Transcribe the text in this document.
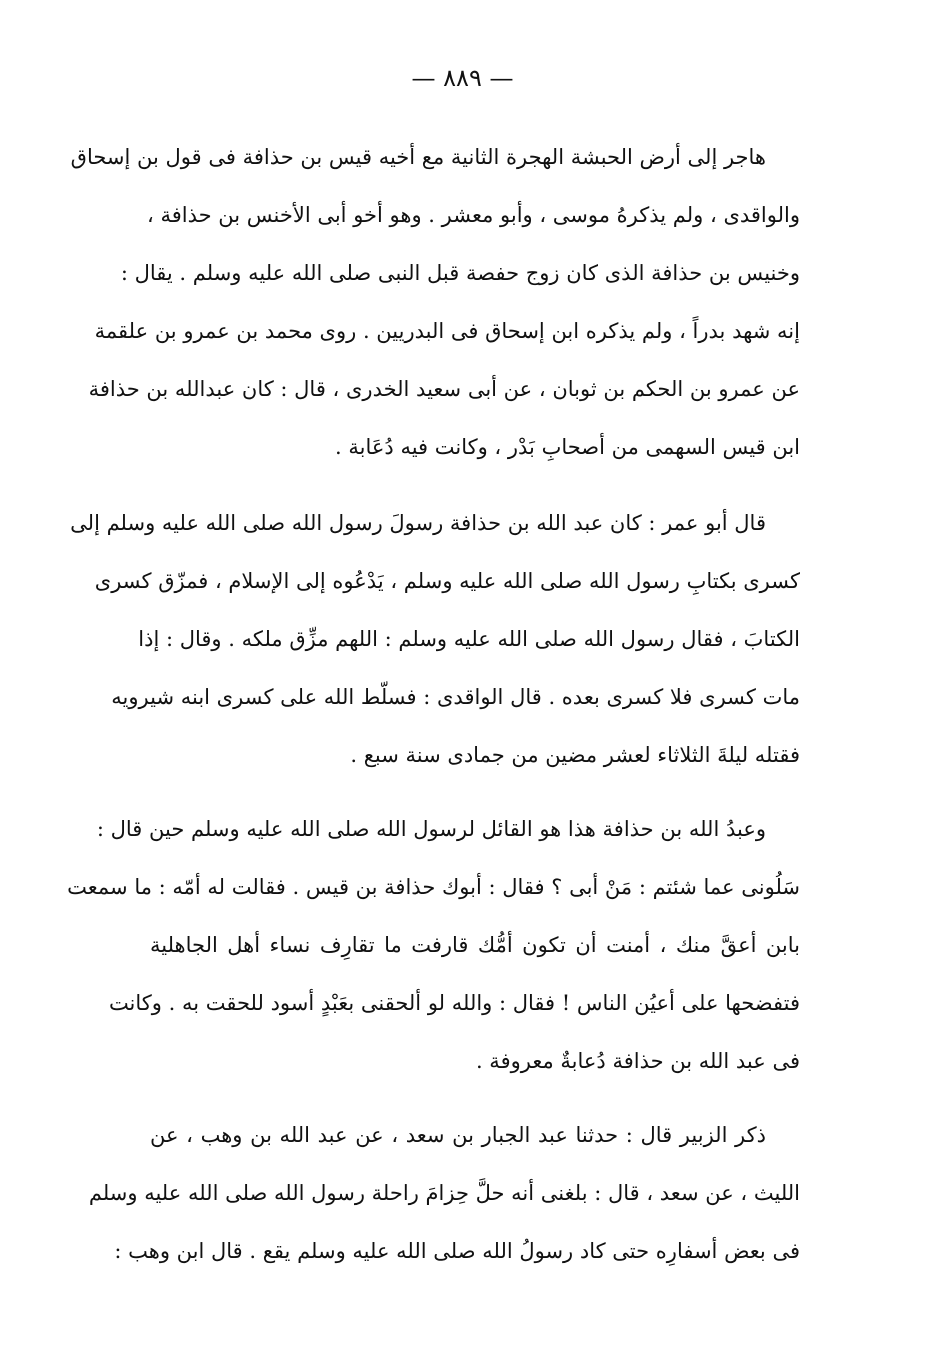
— ٨٨٩ —
هاجر إلى أرض الحبشة الهجرة الثانية مع أخيه قيس بن حذافة فى قول بن إسحاق
والواقدى ، ولم يذكرهُ موسى ، وأبو معشر . وهو أخو أبى الأخنس بن حذافة ،
وخنيس بن حذافة الذى كان زوج حفصة قبل النبى صلى الله عليه وسلم . يقال :
إنه شهد بدراً ، ولم يذكره ابن إسحاق فى البدريين . روى محمد بن عمرو بن علقمة
عن عمرو بن الحكم بن ثوبان ، عن أبى سعيد الخدرى ، قال : كان عبدالله بن حذافة
ابن قيس السهمى من أصحابِ بَدْر ، وكانت فيه دُعَابة .
قال أبو عمر : كان عبد الله بن حذافة رسولَ رسول الله صلى الله عليه وسلم إلى
كسرى بكتابِ رسول الله صلى الله عليه وسلم ، يَدْعُوه إلى الإسلام ، فمزّق كسرى
الكتابَ ، فقال رسول الله صلى الله عليه وسلم : اللهم مزِّق ملكه . وقال : إذا
مات كسرى فلا كسرى بعده . قال الواقدى : فسلّط الله على كسرى ابنه شيرويه
فقتله ليلةَ الثلاثاء لعشر مضين من جمادى سنة سبع .
وعبدُ الله بن حذافة هذا هو القائل لرسول الله صلى الله عليه وسلم حين قال :
سَلُونى عما شئتم : مَنْ أبى ؟ فقال : أبوك حذافة بن قيس . فقالت له أمّه : ما سمعت
بابن أعقَّ منك ، أمنت أن تكون أمُّك قارفت ما تقارِف نساء أهل الجاهلية
فتفضحها على أعيُن الناس ! فقال : والله لو ألحقنى بعَبْدٍ أسود للحقت به . وكانت
فى عبد الله بن حذافة دُعابةٌ معروفة .
ذكر الزبير قال : حدثنا عبد الجبار بن سعد ، عن عبد الله بن وهب ، عن
الليث ، عن سعد ، قال : بلغنى أنه حلَّ حِزامَ راحلة رسول الله صلى الله عليه وسلم
فى بعض أسفارِه حتى كاد رسولُ الله صلى الله عليه وسلم يقع . قال ابن وهب :
